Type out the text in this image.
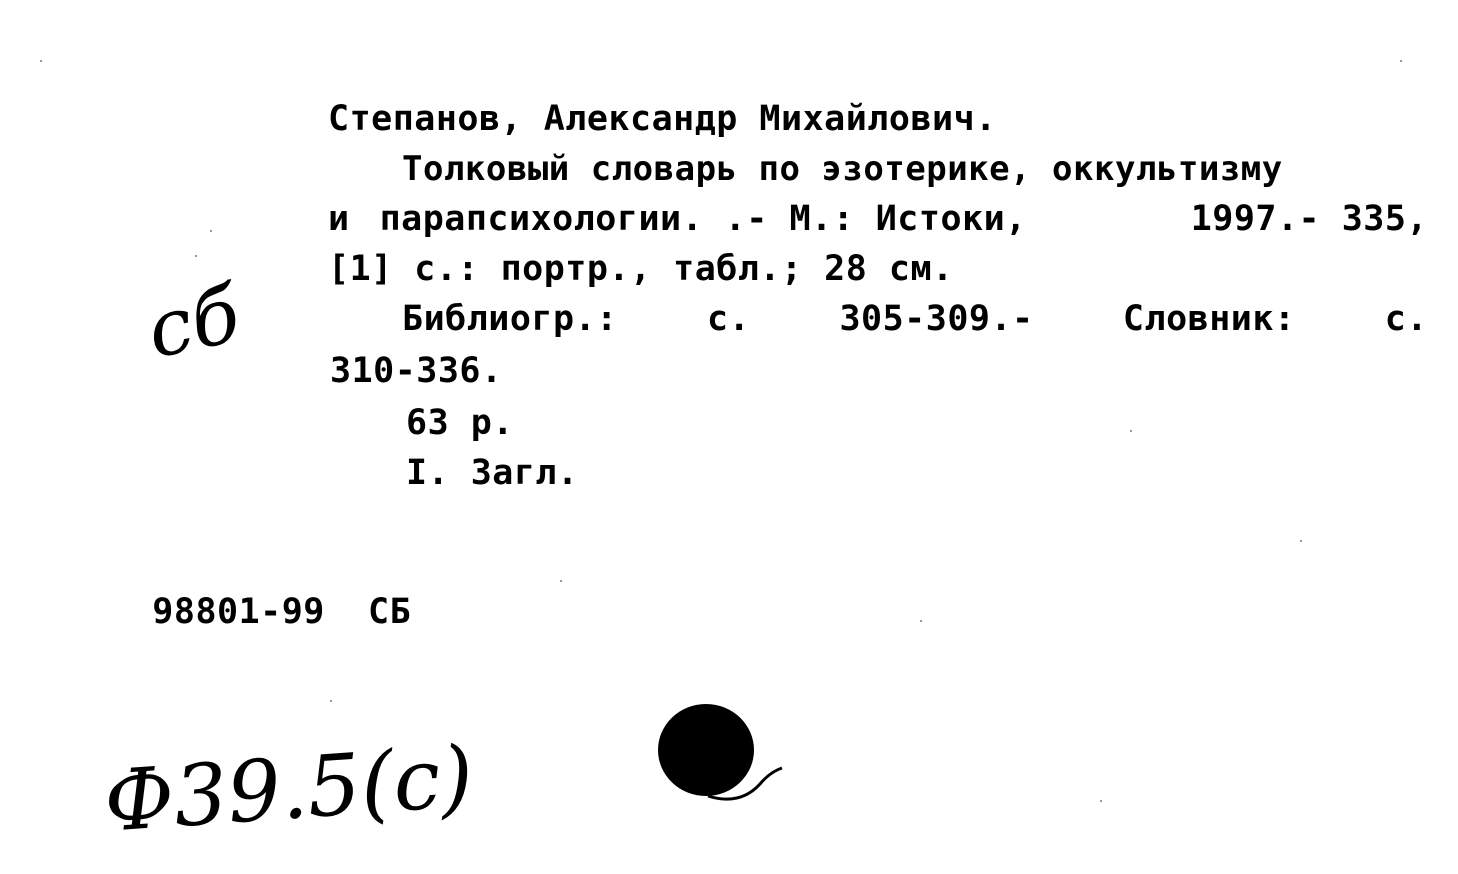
Степанов, Александр Михайлович.
Толковый словарь по эзотерике, оккультизму
и парапсихологии. .- М.: Истоки,	1997.- 335,
[1] с.: портр., табл.; 28 см.
Библиогр.:	с.	305-309.-	Словник:	с.
310-336.
63 р.
I. Загл.

98801-99 СБ

сб
Ф39.5(с)
